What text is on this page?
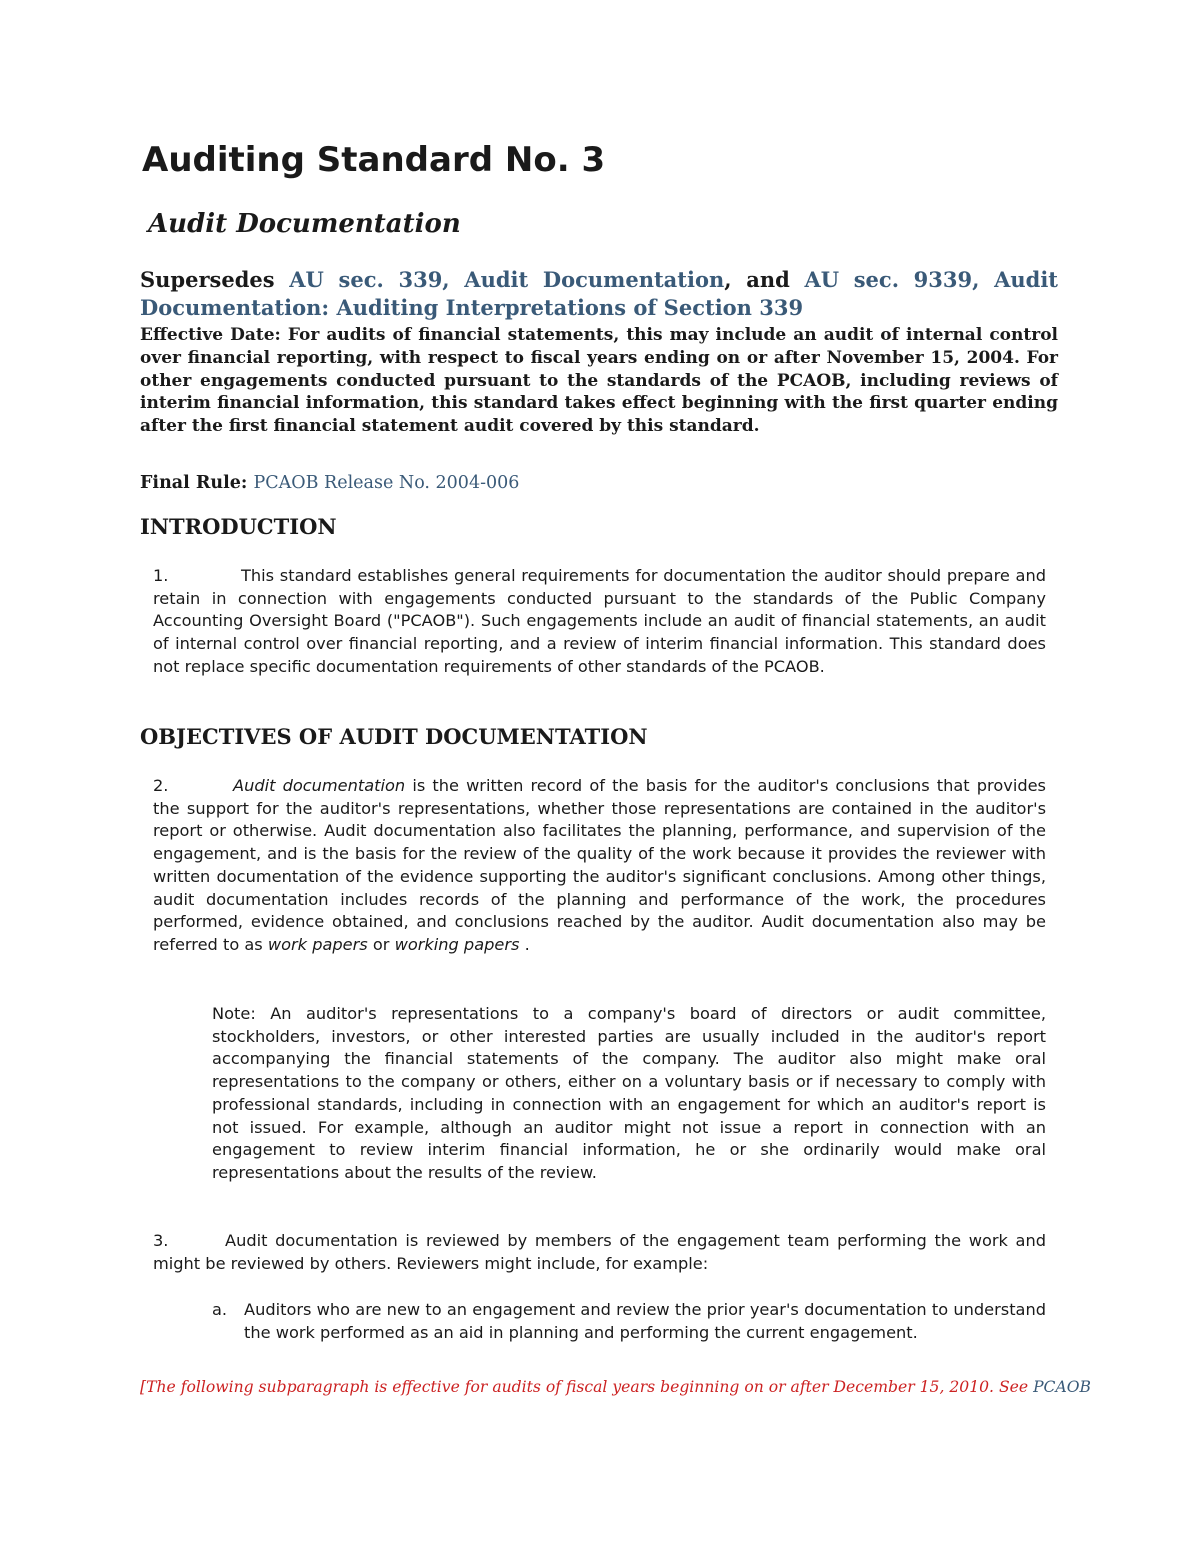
Auditing Standard No. 3
Audit Documentation
Supersedes AU sec. 339, Audit Documentation, and AU sec. 9339, Audit Documentation: Auditing Interpretations of Section 339
Effective Date: For audits of financial statements, this may include an audit of internal control over financial reporting, with respect to fiscal years ending on or after November 15, 2004. For other engagements conducted pursuant to the standards of the PCAOB, including reviews of interim financial information, this standard takes effect beginning with the first quarter ending after the first financial statement audit covered by this standard.
Final Rule: PCAOB Release No. 2004-006
INTRODUCTION

1.	This standard establishes general requirements for documentation the auditor should prepare and retain in connection with engagements conducted pursuant to the standards of the Public Company Accounting Oversight Board ("PCAOB"). Such engagements include an audit of financial statements, an audit of internal control over financial reporting, and a review of interim financial information. This standard does not replace specific documentation requirements of other standards of the PCAOB.

OBJECTIVES OF AUDIT DOCUMENTATION

2.	Audit documentation is the written record of the basis for the auditor's conclusions that provides the support for the auditor's representations, whether those representations are contained in the auditor's report or otherwise. Audit documentation also facilitates the planning, performance, and supervision of the engagement, and is the basis for the review of the quality of the work because it provides the reviewer with written documentation of the evidence supporting the auditor's significant conclusions. Among other things, audit documentation includes records of the planning and performance of the work, the procedures performed, evidence obtained, and conclusions reached by the auditor. Audit documentation also may be referred to as work papers or working papers .

Note: An auditor's representations to a company's board of directors or audit committee, stockholders, investors, or other interested parties are usually included in the auditor's report accompanying the financial statements of the company. The auditor also might make oral representations to the company or others, either on a voluntary basis or if necessary to comply with professional standards, including in connection with an engagement for which an auditor's report is not issued. For example, although an auditor might not issue a report in connection with an engagement to review interim financial information, he or she ordinarily would make oral representations about the results of the review.

3.	Audit documentation is reviewed by members of the engagement team performing the work and might be reviewed by others. Reviewers might include, for example:

a. Auditors who are new to an engagement and review the prior year's documentation to understand the work performed as an aid in planning and performing the current engagement.

[The following subparagraph is effective for audits of fiscal years beginning on or after December 15, 2010. See PCAOB
